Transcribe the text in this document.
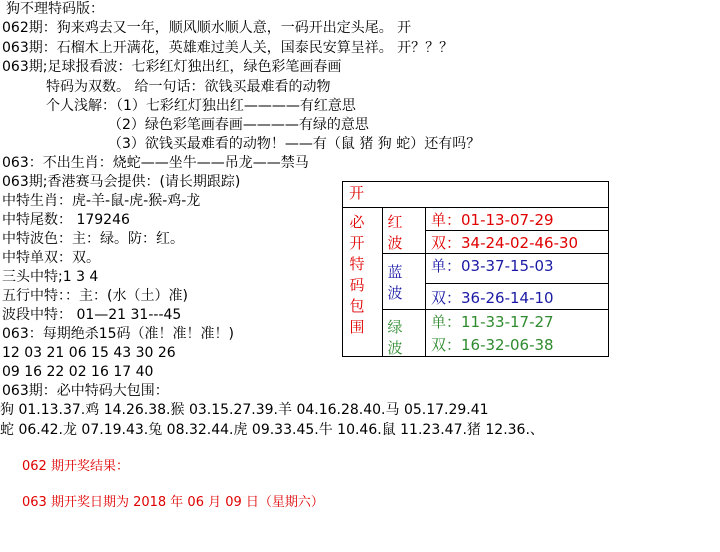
狗不理特码版：
062期：狗来鸡去又一年，顺风顺水顺人意，一码开出定头尾。 开
063期：石榴木上开满花，英雄难过美人关，国泰民安算呈祥。 开？？？
063期;足球报看波：七彩红灯独出红，绿色彩笔画春画
特码为双数。 给一句话：欲钱买最难看的动物
个人浅解：（1）七彩红灯独出红————有红意思
（2）绿色彩笔画春画————有绿的意思
（3）欲钱买最难看的动物！——有（鼠 猪 狗 蛇）还有吗？
063：不出生肖：烧蛇——坐牛——吊龙——禁马
063期;香港赛马会提供：(请长期跟踪)
中特生肖：虎-羊-鼠-虎-猴-鸡-龙
中特尾数： 179246
中特波色：主：绿。防：红。
中特单双：双。
三头中特;1 3 4
五行中特：：主：(水（土）准)
波段中特： 01—21 31---45
063：每期绝杀15码（准！准！准！)
12 03 21 06 15 43 30 26
09 16 22 02 16 17 40
063期：必中特码大包围：
狗 01.13.37.鸡 14.26.38.猴 03.15.27.39.羊 04.16.28.40.马 05.17.29.41
蛇 06.42.龙 07.19.43.兔 08.32.44.虎 09.33.45.牛 10.46.鼠 11.23.47.猪 12.36.、
062 期开奖结果：
063 期开奖日期为 2018 年 06 月 09 日（星期六）
开
必开特码包围
红波
蓝波
绿波
单：01-13-07-29
双：34-24-02-46-30
单：03-37-15-03
双：36-26-14-10
单：11-33-17-27
双：16-32-06-38
